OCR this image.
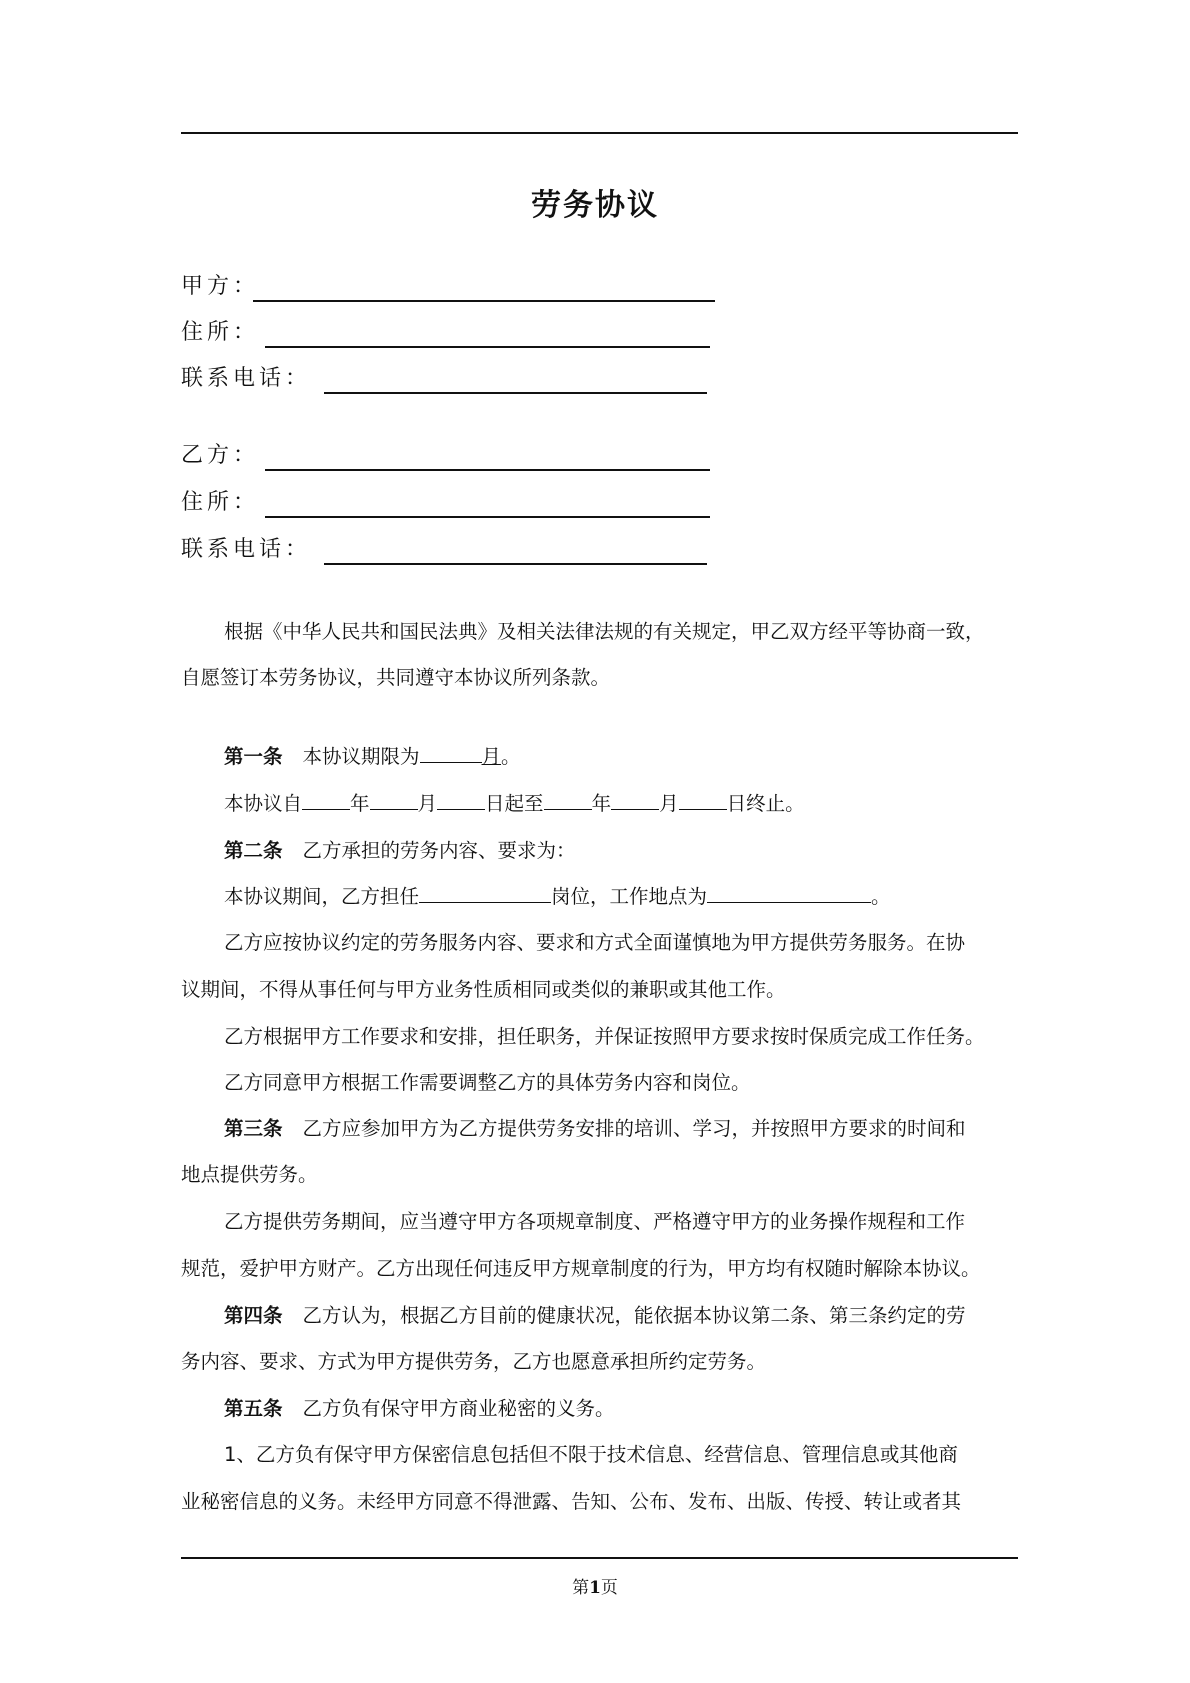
劳务协议
甲方：
住所：
联系电话：
乙方：
住所：
联系电话：
根据《中华人民共和国民法典》及相关法律法规的有关规定，甲乙双方经平等协商一致，
自愿签订本劳务协议，共同遵守本协议所列条款。
第一条 本协议期限为	月。
本协议自 年 月 日起至 年 月 日终止。
第二条 乙方承担的劳务内容、要求为：
本协议期间，乙方担任	岗位，工作地点为	。
乙方应按协议约定的劳务服务内容、要求和方式全面谨慎地为甲方提供劳务服务。在协
议期间，不得从事任何与甲方业务性质相同或类似的兼职或其他工作。
乙方根据甲方工作要求和安排，担任职务，并保证按照甲方要求按时保质完成工作任务。
乙方同意甲方根据工作需要调整乙方的具体劳务内容和岗位。
第三条 乙方应参加甲方为乙方提供劳务安排的培训、学习，并按照甲方要求的时间和
地点提供劳务。
乙方提供劳务期间，应当遵守甲方各项规章制度、严格遵守甲方的业务操作规程和工作
规范，爱护甲方财产。乙方出现任何违反甲方规章制度的行为，甲方均有权随时解除本协议。
第四条 乙方认为，根据乙方目前的健康状况，能依据本协议第二条、第三条约定的劳
务内容、要求、方式为甲方提供劳务，乙方也愿意承担所约定劳务。
第五条 乙方负有保守甲方商业秘密的义务。
1、乙方负有保守甲方保密信息包括但不限于技术信息、经营信息、管理信息或其他商
业秘密信息的义务。未经甲方同意不得泄露、告知、公布、发布、出版、传授、转让或者其
第1页
